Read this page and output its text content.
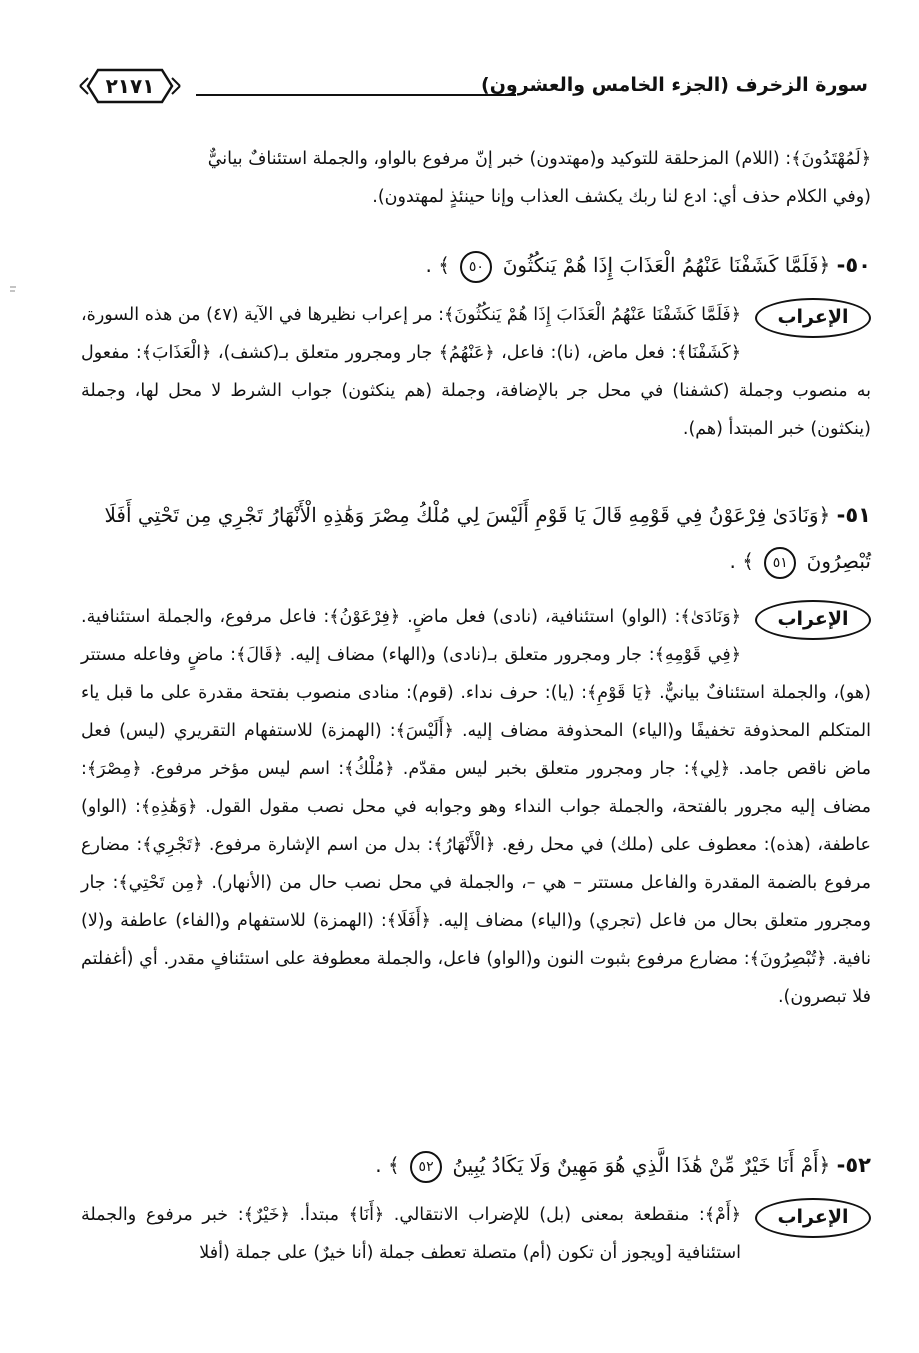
سورة الزخرف (الجزء الخامس والعشرون)
٢١٧١
﴿لَمُهْتَدُونَ﴾: (اللام) المزحلقة للتوكيد و(مهتدون) خبر إنّ مرفوع بالواو، والجملة استئنافٌ بيانيٌّ
(وفي الكلام حذف أي: ادع لنا ربك يكشف العذاب وإنا حينئذٍ لمهتدون).
٥٠- ﴿فَلَمَّا كَشَفْنَا عَنْهُمُ الْعَذَابَ إِذَا هُمْ يَنكُثُونَ ٥٠ ﴾ .
الإعراب
﴿فَلَمَّا كَشَفْنَا عَنْهُمُ الْعَذَابَ إِذَا هُمْ يَنكُثُونَ﴾: مر إعراب نظيرها في الآية (٤٧) من هذه السورة، ﴿كَشَفْنَا﴾: فعل ماض، (نا): فاعل، ﴿عَنْهُمُ﴾ جار ومجرور متعلق بـ(كشف)، ﴿الْعَذَابَ﴾: مفعول به منصوب وجملة (كشفنا) في محل جر بالإضافة، وجملة (هم ينكثون) جواب الشرط لا محل لها، وجملة (ينكثون) خبر المبتدأ (هم).
٥١- ﴿وَنَادَىٰ فِرْعَوْنُ فِي قَوْمِهِ قَالَ يَا قَوْمِ أَلَيْسَ لِي مُلْكُ مِصْرَ وَهَٰذِهِ الْأَنْهَارُ تَجْرِي مِن تَحْتِي أَفَلَا تُبْصِرُونَ ٥١ ﴾ .
الإعراب
﴿وَنَادَىٰ﴾: (الواو) استئنافية، (نادى) فعل ماضٍ. ﴿فِرْعَوْنُ﴾: فاعل مرفوع، والجملة استئنافية. ﴿فِي قَوْمِهِ﴾: جار ومجرور متعلق بـ(نادى) و(الهاء) مضاف إليه. ﴿قَالَ﴾: ماضٍ وفاعله مستتر (هو)، والجملة استئنافٌ بيانيٌّ. ﴿يَا قَوْمِ﴾: (يا): حرف نداء. (قوم): منادى منصوب بفتحة مقدرة على ما قبل ياء المتكلم المحذوفة تخفيفًا و(الياء) المحذوفة مضاف إليه. ﴿أَلَيْسَ﴾: (الهمزة) للاستفهام التقريري (ليس) فعل ماض ناقص جامد. ﴿لِي﴾: جار ومجرور متعلق بخبر ليس مقدّم. ﴿مُلْكُ﴾: اسم ليس مؤخر مرفوع. ﴿مِصْرَ﴾: مضاف إليه مجرور بالفتحة، والجملة جواب النداء وهو وجوابه في محل نصب مقول القول. ﴿وَهَٰذِهِ﴾: (الواو) عاطفة، (هذه): معطوف على (ملك) في محل رفع. ﴿الْأَنْهَارُ﴾: بدل من اسم الإشارة مرفوع. ﴿تَجْرِي﴾: مضارع مرفوع بالضمة المقدرة والفاعل مستتر – هي –، والجملة في محل نصب حال من (الأنهار). ﴿مِن تَحْتِي﴾: جار ومجرور متعلق بحال من فاعل (تجري) و(الياء) مضاف إليه. ﴿أَفَلَا﴾: (الهمزة) للاستفهام و(الفاء) عاطفة و(لا) نافية. ﴿تُبْصِرُونَ﴾: مضارع مرفوع بثبوت النون و(الواو) فاعل، والجملة معطوفة على استئنافٍ مقدر. أي (أغفلتم فلا تبصرون).
٥٢- ﴿أَمْ أَنَا خَيْرٌ مِّنْ هَٰذَا الَّذِي هُوَ مَهِينٌ وَلَا يَكَادُ يُبِينُ ٥٢ ﴾ .
الإعراب
﴿أَمْ﴾: منقطعة بمعنى (بل) للإضراب الانتقالي. ﴿أَنَا﴾ مبتدأ. ﴿خَيْرٌ﴾: خبر مرفوع والجملة استئنافية [ويجوز أن تكون (أم) متصلة تعطف جملة (أنا خيرٌ) على جملة (أفلا
